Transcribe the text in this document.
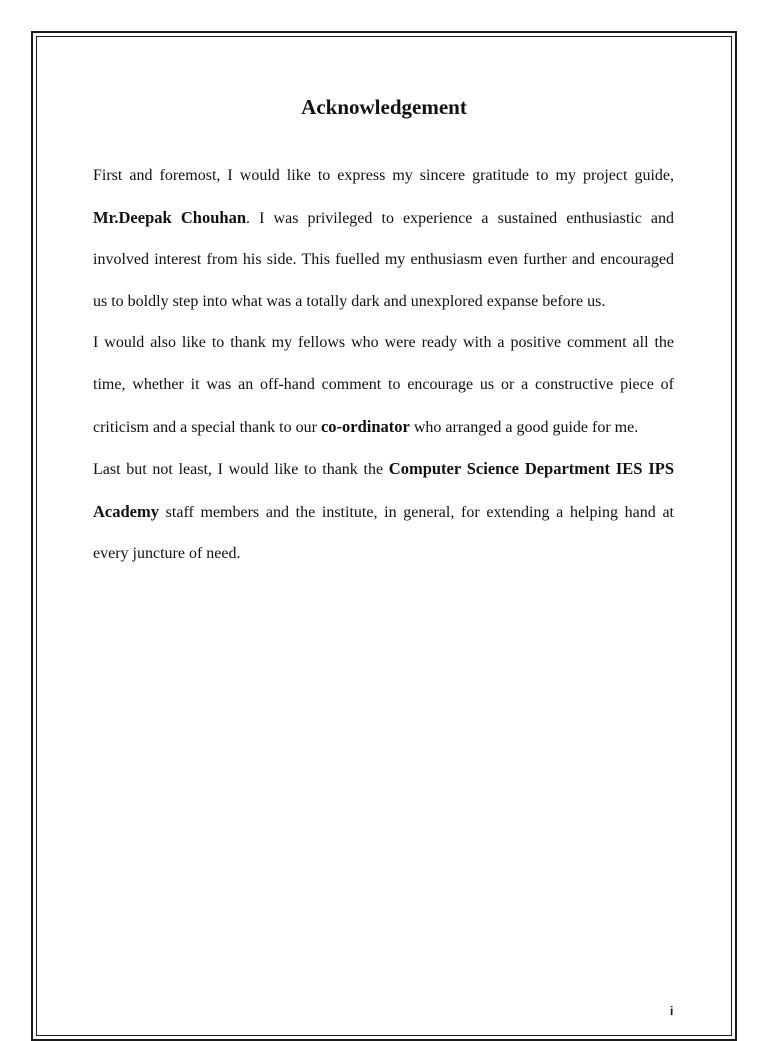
Acknowledgement

First and foremost, I would like to express my sincere gratitude to my project guide, Mr.Deepak Chouhan. I was privileged to experience a sustained enthusiastic and involved interest from his side. This fuelled my enthusiasm even further and encouraged us to boldly step into what was a totally dark and unexplored expanse before us.

I would also like to thank my fellows who were ready with a positive comment all the time, whether it was an off-hand comment to encourage us or a constructive piece of criticism and a special thank to our co-ordinator who arranged a good guide for me.

Last but not least, I would like to thank the Computer Science Department IES IPS Academy staff members and the institute, in general, for extending a helping hand at every juncture of need.

i
